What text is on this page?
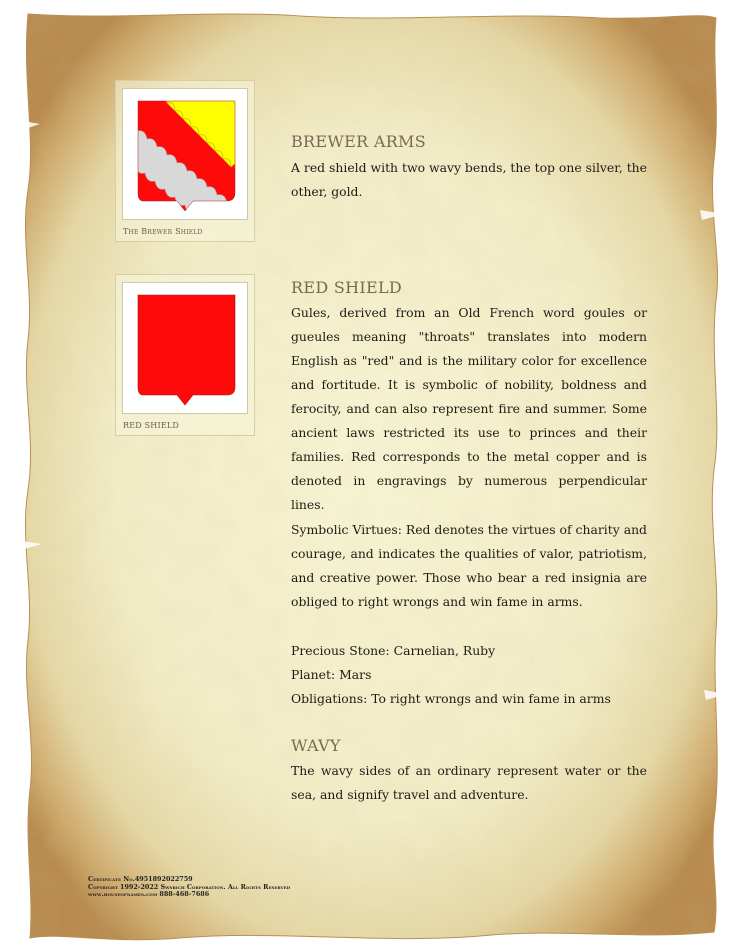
The Brewer Shield
RED SHIELD
BREWER ARMS

A red shield with two wavy bends, the top one silver, the other, gold.

RED SHIELD

Gules, derived from an Old French word goules or gueules meaning "throats" translates into modern English as "red" and is the military color for excellence and fortitude. It is symbolic of nobility, boldness and ferocity, and can also represent fire and summer. Some ancient laws restricted its use to princes and their families. Red corresponds to the metal copper and is denoted in engravings by numerous perpendicular lines.

Symbolic Virtues: Red denotes the virtues of charity and courage, and indicates the qualities of valor, patriotism, and creative power. Those who bear a red insignia are obliged to right wrongs and win fame in arms.

Precious Stone: Carnelian, Ruby

Planet: Mars

Obligations: To right wrongs and win fame in arms

WAVY

The wavy sides of an ordinary represent water or the sea, and signify travel and adventure.

Certificate No.4951892022759
Copyright 1992-2022 Swyrich Corporation. All Rights Reserved
www.houseofnames.com 888-468-7686
